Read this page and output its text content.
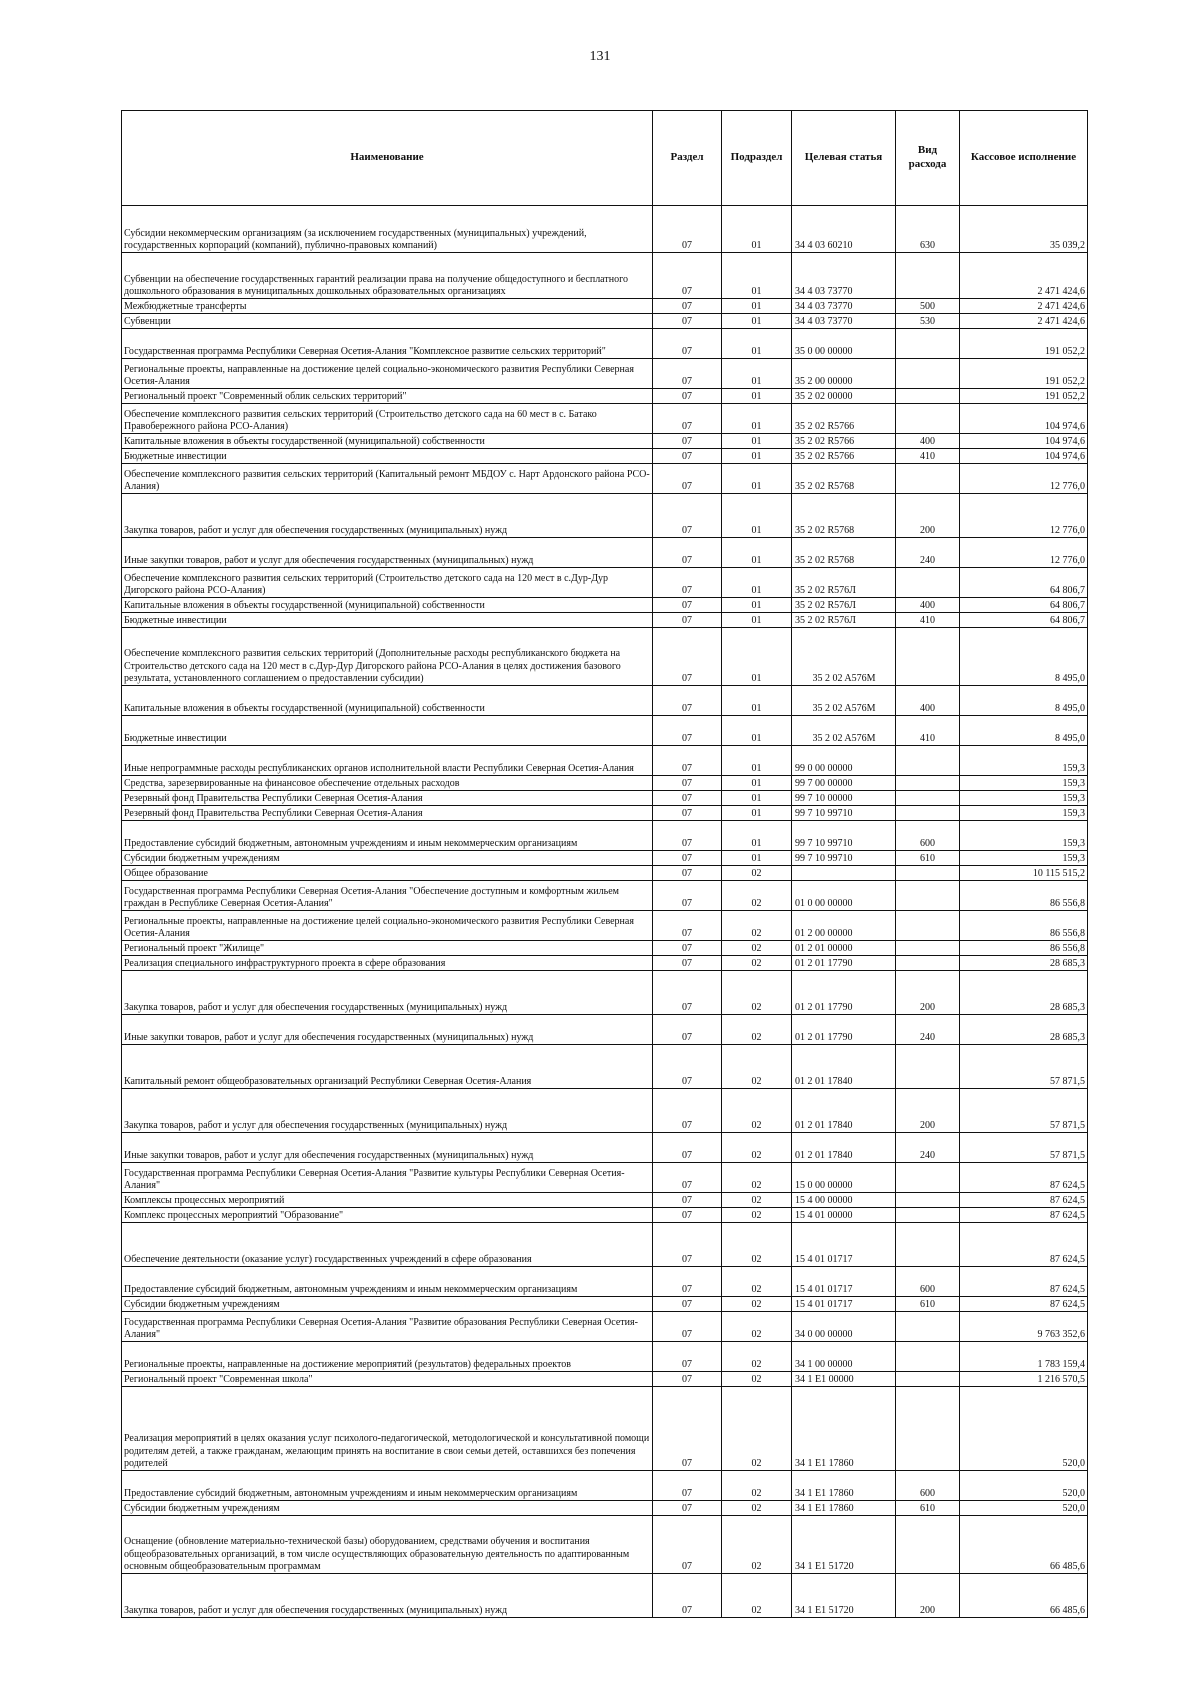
131
Наименование	Раздел	Подраздел	Целевая статья	Вид расхода	Кассовое исполнение

Субсидии некоммерческим организациям (за исключением государственных (муниципальных) учреждений, государственных корпораций (компаний), публично-правовых компаний)	07	01	34 4 03 60210	630	35 039,2
Субвенции на обеспечение государственных гарантий реализации права на получение общедоступного и бесплатного дошкольного образования в муниципальных дошкольных образовательных организациях	07	01	34 4 03 73770		2 471 424,6
Межбюджетные трансферты	07	01	34 4 03 73770	500	2 471 424,6
Субвенции	07	01	34 4 03 73770	530	2 471 424,6
Государственная программа Республики Северная Осетия-Алания "Комплексное развитие сельских территорий"	07	01	35 0 00 00000		191 052,2
Региональные проекты, направленные на достижение целей социально-экономического развития Республики Северная Осетия-Алания	07	01	35 2 00 00000		191 052,2
Региональный проект "Современный облик сельских территорий"	07	01	35 2 02 00000		191 052,2
Обеспечение комплексного развития сельских территорий (Строительство детского сада на 60 мест в с. Батако Правобережного района РСО-Алания)	07	01	35 2 02 R5766		104 974,6
Капитальные вложения в объекты государственной (муниципальной) собственности	07	01	35 2 02 R5766	400	104 974,6
Бюджетные инвестиции	07	01	35 2 02 R5766	410	104 974,6
Обеспечение комплексного развития сельских территорий (Капитальный ремонт МБДОУ с. Нарт Ардонского района РСО-Алания)	07	01	35 2 02 R5768		12 776,0

Закупка товаров, работ и услуг для обеспечения государственных (муниципальных) нужд	07	01	35 2 02 R5768	200	12 776,0
Иные закупки товаров, работ и услуг для обеспечения государственных (муниципальных) нужд	07	01	35 2 02 R5768	240	12 776,0
Обеспечение комплексного развития сельских территорий (Строительство детского сада на 120 мест в с.Дур-Дур Дигорского района РСО-Алания)	07	01	35 2 02 R576Л		64 806,7
Капитальные вложения в объекты государственной (муниципальной) собственности	07	01	35 2 02 R576Л	400	64 806,7
Бюджетные инвестиции	07	01	35 2 02 R576Л	410	64 806,7
Обеспечение комплексного развития сельских территорий (Дополнительные расходы республиканского бюджета на Строительство детского сада на 120 мест в с.Дур-Дур Дигорского района РСО-Алания в целях достижения базового результата, установленного соглашением о предоставлении субсидии)	07	01	35 2 02 A576M		8 495,0
Капитальные вложения в объекты государственной (муниципальной) собственности	07	01	35 2 02 A576M	400	8 495,0
Бюджетные инвестиции	07	01	35 2 02 A576M	410	8 495,0
Иные непрограммные расходы республиканских органов исполнительной власти Республики Северная Осетия-Алания	07	01	99 0 00 00000		159,3
Средства, зарезервированные на финансовое обеспечение отдельных расходов	07	01	99 7 00 00000		159,3
Резервный фонд Правительства Республики Северная Осетия-Алания	07	01	99 7 10 00000		159,3
Резервный фонд Правительства Республики Северная Осетия-Алания	07	01	99 7 10 99710		159,3
Предоставление субсидий бюджетным, автономным учреждениям и иным некоммерческим организациям	07	01	99 7 10 99710	600	159,3
Субсидии бюджетным учреждениям	07	01	99 7 10 99710	610	159,3
Общее образование	07	02			10 115 515,2
Государственная программа Республики Северная Осетия-Алания "Обеспечение доступным и комфортным жильем граждан в Республике Северная Осетия-Алания"	07	02	01 0 00 00000		86 556,8
Региональные проекты, направленные на достижение целей социально-экономического развития Республики Северная Осетия-Алания	07	02	01 2 00 00000		86 556,8
Региональный проект "Жилище"	07	02	01 2 01 00000		86 556,8
Реализация специального инфраструктурного проекта в сфере образования	07	02	01 2 01 17790		28 685,3

Закупка товаров, работ и услуг для обеспечения государственных (муниципальных) нужд	07	02	01 2 01 17790	200	28 685,3
Иные закупки товаров, работ и услуг для обеспечения государственных (муниципальных) нужд	07	02	01 2 01 17790	240	28 685,3

Капитальный ремонт общеобразовательных организаций Республики Северная Осетия-Алания	07	02	01 2 01 17840		57 871,5

Закупка товаров, работ и услуг для обеспечения государственных (муниципальных) нужд	07	02	01 2 01 17840	200	57 871,5
Иные закупки товаров, работ и услуг для обеспечения государственных (муниципальных) нужд	07	02	01 2 01 17840	240	57 871,5
Государственная программа Республики Северная Осетия-Алания "Развитие культуры Республики Северная Осетия-Алания"	07	02	15 0 00 00000		87 624,5
Комплексы процессных мероприятий	07	02	15 4 00 00000		87 624,5
Комплекс процессных мероприятий "Образование"	07	02	15 4 01 00000		87 624,5

Обеспечение деятельности (оказание услуг) государственных учреждений в сфере образования	07	02	15 4 01 01717		87 624,5
Предоставление субсидий бюджетным, автономным учреждениям и иным некоммерческим организациям	07	02	15 4 01 01717	600	87 624,5
Субсидии бюджетным учреждениям	07	02	15 4 01 01717	610	87 624,5
Государственная программа Республики Северная Осетия-Алания "Развитие образования Республики Северная Осетия-Алания"	07	02	34 0 00 00000		9 763 352,6
Региональные проекты, направленные на достижение мероприятий (результатов) федеральных проектов	07	02	34 1 00 00000		1 783 159,4
Региональный проект "Современная школа"	07	02	34 1 E1 00000		1 216 570,5

Реализация мероприятий в целях оказания услуг психолого-педагогической, методологической и консультативной помощи родителям детей, а также гражданам, желающим принять на воспитание в свои семьи детей, оставшихся без попечения родителей	07	02	34 1 E1 17860		520,0
Предоставление субсидий бюджетным, автономным учреждениям и иным некоммерческим организациям	07	02	34 1 E1 17860	600	520,0
Субсидии бюджетным учреждениям	07	02	34 1 E1 17860	610	520,0
Оснащение (обновление материально-технической базы) оборудованием, средствами обучения и воспитания общеобразовательных организаций, в том числе осуществляющих образовательную деятельность по адаптированным основным общеобразовательным программам	07	02	34 1 E1 51720		66 485,6

Закупка товаров, работ и услуг для обеспечения государственных (муниципальных) нужд	07	02	34 1 E1 51720	200	66 485,6
